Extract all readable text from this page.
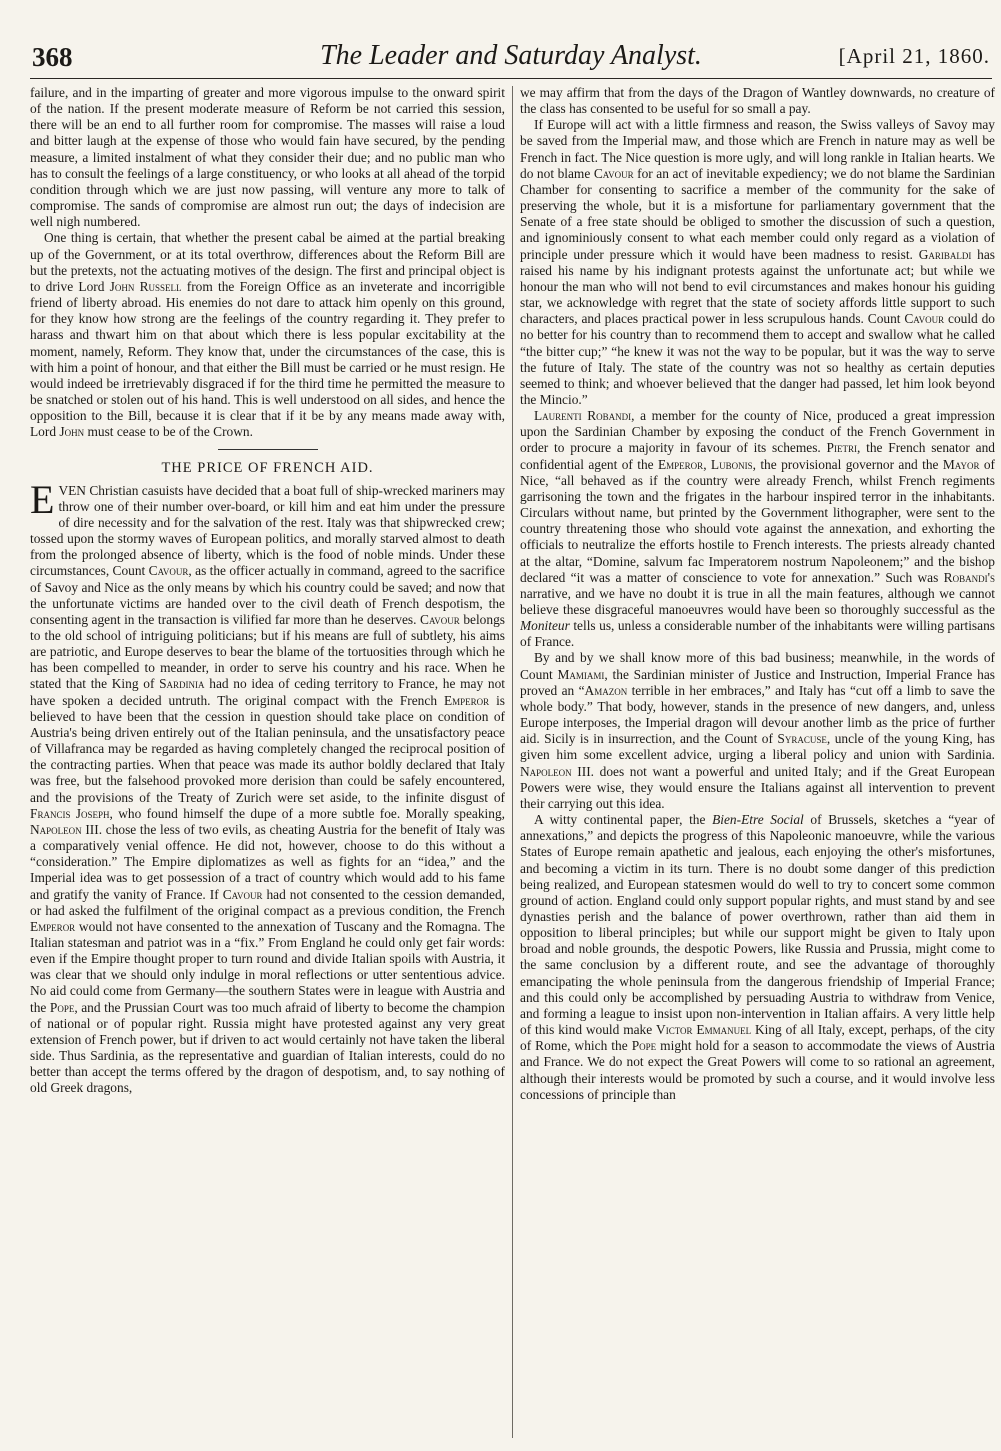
368	The Leader and Saturday Analyst.	[April 21, 1860.

failure, and in the imparting of greater and more vigorous impulse to the onward spirit of the nation. If the present moderate measure of Reform be not carried this session, there will be an end to all further room for compromise. The masses will raise a loud and bitter laugh at the expense of those who would fain have secured, by the pending measure, a limited instalment of what they consider their due; and no public man who has to consult the feelings of a large constituency, or who looks at all ahead of the torpid condition through which we are just now passing, will venture any more to talk of compromise. The sands of compromise are almost run out; the days of indecision are well nigh numbered.

One thing is certain, that whether the present cabal be aimed at the partial breaking up of the Government, or at its total overthrow, differences about the Reform Bill are but the pretexts, not the actuating motives of the design. The first and principal object is to drive Lord John Russell from the Foreign Office as an inveterate and incorrigible friend of liberty abroad. His enemies do not dare to attack him openly on this ground, for they know how strong are the feelings of the country regarding it. They prefer to harass and thwart him on that about which there is less popular excitability at the moment, namely, Reform. They know that, under the circumstances of the case, this is with him a point of honour, and that either the Bill must be carried or he must resign. He would indeed be irretrievably disgraced if for the third time he permitted the measure to be snatched or stolen out of his hand. This is well understood on all sides, and hence the opposition to the Bill, because it is clear that if it be by any means made away with, Lord John must cease to be of the Crown.

THE PRICE OF FRENCH AID.

EVEN Christian casuists have decided that a boat full of ship-wrecked mariners may throw one of their number over-board, or kill him and eat him under the pressure of dire necessity and for the salvation of the rest. Italy was that shipwrecked crew; tossed upon the stormy waves of European politics, and morally starved almost to death from the prolonged absence of liberty, which is the food of noble minds. Under these circumstances, Count Cavour, as the officer actually in command, agreed to the sacrifice of Savoy and Nice as the only means by which his country could be saved; and now that the unfortunate victims are handed over to the civil death of French despotism, the consenting agent in the transaction is vilified far more than he deserves. Cavour belongs to the old school of intriguing politicians; but if his means are full of subtlety, his aims are patriotic, and Europe deserves to bear the blame of the tortuosities through which he has been compelled to meander, in order to serve his country and his race. When he stated that the King of Sardinia had no idea of ceding territory to France, he may not have spoken a decided untruth. The original compact with the French Emperor is believed to have been that the cession in question should take place on condition of Austria's being driven entirely out of the Italian peninsula, and the unsatisfactory peace of Villafranca may be regarded as having completely changed the reciprocal position of the contracting parties. When that peace was made its author boldly declared that Italy was free, but the falsehood provoked more derision than could be safely encountered, and the provisions of the Treaty of Zurich were set aside, to the infinite disgust of Francis Joseph, who found himself the dupe of a more subtle foe. Morally speaking, Napoleon III. chose the less of two evils, as cheating Austria for the benefit of Italy was a comparatively venial offence. He did not, however, choose to do this without a “consideration.” The Empire diplomatizes as well as fights for an “idea,” and the Imperial idea was to get possession of a tract of country which would add to his fame and gratify the vanity of France. If Cavour had not consented to the cession demanded, or had asked the fulfilment of the original compact as a previous condition, the French Emperor would not have consented to the annexation of Tuscany and the Romagna. The Italian statesman and patriot was in a “fix.” From England he could only get fair words: even if the Empire thought proper to turn round and divide Italian spoils with Austria, it was clear that we should only indulge in moral reflections or utter sententious advice. No aid could come from Germany—the southern States were in league with Austria and the Pope, and the Prussian Court was too much afraid of liberty to become the champion of national or of popular right. Russia might have protested against any very great extension of French power, but if driven to act would certainly not have taken the liberal side. Thus Sardinia, as the representative and guardian of Italian interests, could do no better than accept the terms offered by the dragon of despotism, and, to say nothing of old Greek dragons,

we may affirm that from the days of the Dragon of Wantley downwards, no creature of the class has consented to be useful for so small a pay.

If Europe will act with a little firmness and reason, the Swiss valleys of Savoy may be saved from the Imperial maw, and those which are French in nature may as well be French in fact. The Nice question is more ugly, and will long rankle in Italian hearts. We do not blame Cavour for an act of inevitable expediency; we do not blame the Sardinian Chamber for consenting to sacrifice a member of the community for the sake of preserving the whole, but it is a misfortune for parliamentary government that the Senate of a free state should be obliged to smother the discussion of such a question, and ignominiously consent to what each member could only regard as a violation of principle under pressure which it would have been madness to resist. Garibaldi has raised his name by his indignant protests against the unfortunate act; but while we honour the man who will not bend to evil circumstances and makes honour his guiding star, we acknowledge with regret that the state of society affords little support to such characters, and places practical power in less scrupulous hands. Count Cavour could do no better for his country than to recommend them to accept and swallow what he called “the bitter cup;” “he knew it was not the way to be popular, but it was the way to serve the future of Italy. The state of the country was not so healthy as certain deputies seemed to think; and whoever believed that the danger had passed, let him look beyond the Mincio.”

Laurenti Robandi, a member for the county of Nice, produced a great impression upon the Sardinian Chamber by exposing the conduct of the French Government in order to procure a majority in favour of its schemes. Pietri, the French senator and confidential agent of the Emperor, Lubonis, the provisional governor and the Mayor of Nice, “all behaved as if the country were already French, whilst French regiments garrisoning the town and the frigates in the harbour inspired terror in the inhabitants. Circulars without name, but printed by the Government lithographer, were sent to the country threatening those who should vote against the annexation, and exhorting the officials to neutralize the efforts hostile to French interests. The priests already chanted at the altar, “Domine, salvum fac Imperatorem nostrum Napoleonem;” and the bishop declared “it was a matter of conscience to vote for annexation.” Such was Robandi's narrative, and we have no doubt it is true in all the main features, although we cannot believe these disgraceful manoeuvres would have been so thoroughly successful as the Moniteur tells us, unless a considerable number of the inhabitants were willing partisans of France.

By and by we shall know more of this bad business; meanwhile, in the words of Count Mamiami, the Sardinian minister of Justice and Instruction, Imperial France has proved an “Amazon terrible in her embraces,” and Italy has “cut off a limb to save the whole body.” That body, however, stands in the presence of new dangers, and, unless Europe interposes, the Imperial dragon will devour another limb as the price of further aid. Sicily is in insurrection, and the Count of Syracuse, uncle of the young King, has given him some excellent advice, urging a liberal policy and union with Sardinia. Napoleon III. does not want a powerful and united Italy; and if the Great European Powers were wise, they would ensure the Italians against all intervention to prevent their carrying out this idea.

A witty continental paper, the Bien-Etre Social of Brussels, sketches a “year of annexations,” and depicts the progress of this Napoleonic manoeuvre, while the various States of Europe remain apathetic and jealous, each enjoying the other's misfortunes, and becoming a victim in its turn. There is no doubt some danger of this prediction being realized, and European statesmen would do well to try to concert some common ground of action. England could only support popular rights, and must stand by and see dynasties perish and the balance of power overthrown, rather than aid them in opposition to liberal principles; but while our support might be given to Italy upon broad and noble grounds, the despotic Powers, like Russia and Prussia, might come to the same conclusion by a different route, and see the advantage of thoroughly emancipating the whole peninsula from the dangerous friendship of Imperial France; and this could only be accomplished by persuading Austria to withdraw from Venice, and forming a league to insist upon non-intervention in Italian affairs. A very little help of this kind would make Victor Emmanuel King of all Italy, except, perhaps, of the city of Rome, which the Pope might hold for a season to accommodate the views of Austria and France. We do not expect the Great Powers will come to so rational an agreement, although their interests would be promoted by such a course, and it would involve less concessions of principle than
